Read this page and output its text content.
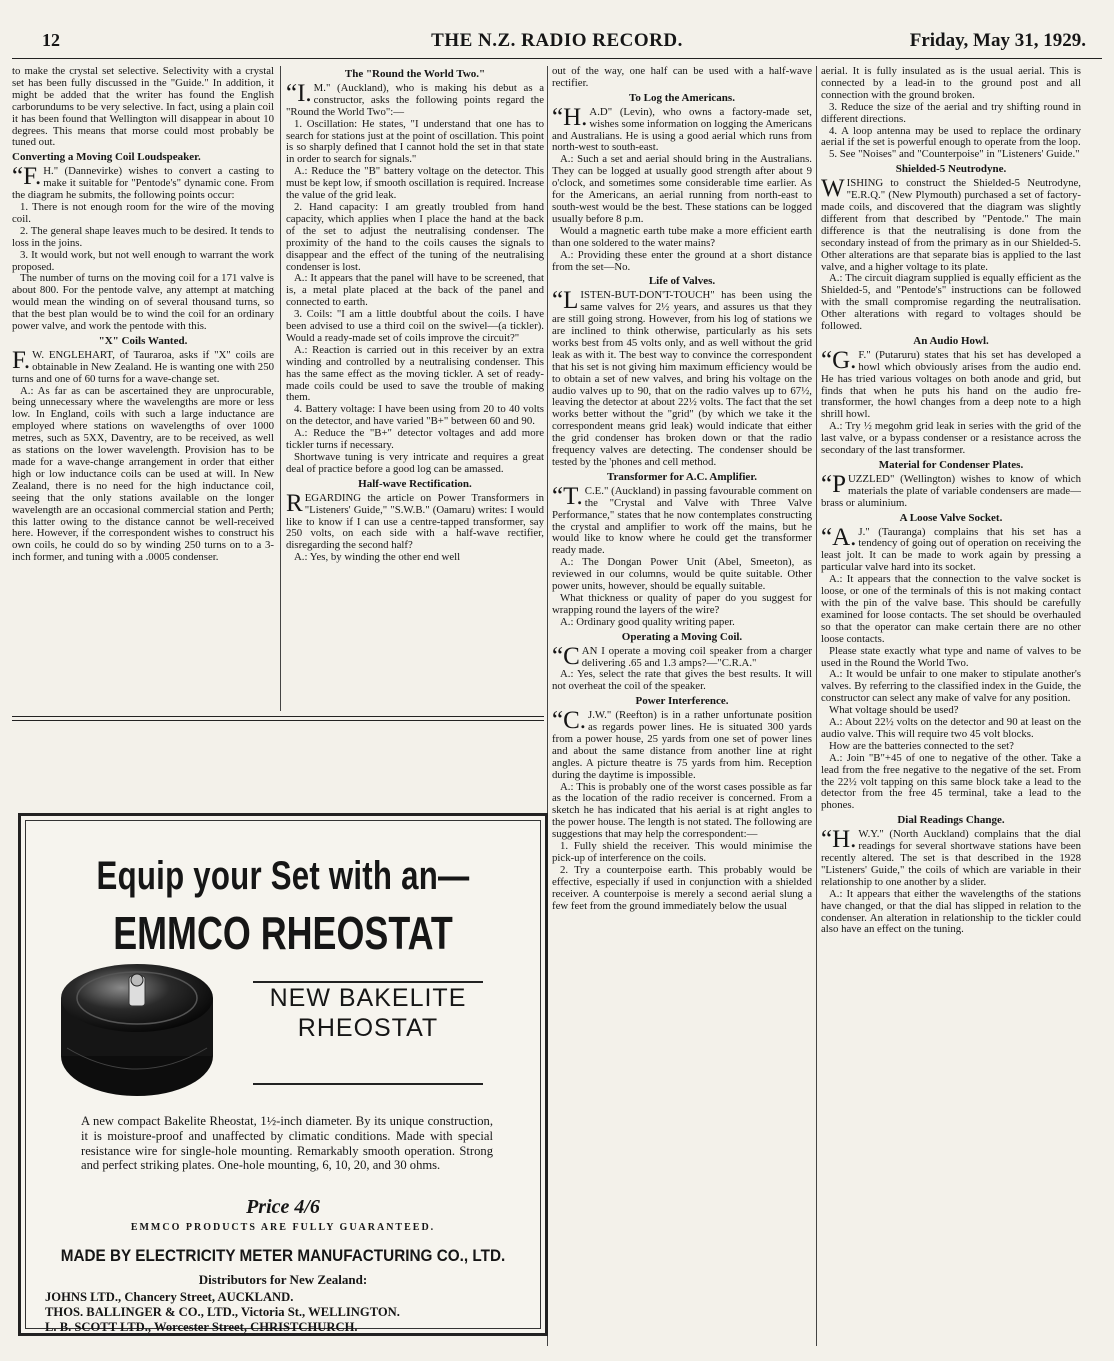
12	THE N.Z. RADIO RECORD.	Friday, May 31, 1929.

to make the crystal set selective. Selectivity with a crystal set has been fully discussed in the "Guide." In addition, it might be added that the writer has found the English carborundums to be very selective. In fact, using a plain coil it has been found that Wellington will disappear in about 10 degrees. This means that morse could most probably be tuned out.

Converting a Moving Coil Loudspeaker.

“F. H." (Dannevirke) wishes to convert a casting to make it suitable for "Pentode's" dynamic cone. From the diagram he submits, the following points occur:

1. There is not enough room for the wire of the moving coil.

2. The general shape leaves much to be desired. It tends to loss in the joins.

3. It would work, but not well enough to warrant the work proposed.

The number of turns on the moving coil for a 171 valve is about 800. For the pentode valve, any attempt at matching would mean the winding on of several thousand turns, so that the best plan would be to wind the coil for an ordinary power valve, and work the pentode with this.

"X" Coils Wanted.

F. W. ENGLEHART, of Tauraroa, asks if "X" coils are obtainable in New Zealand. He is wanting one with 250 turns and one of 60 turns for a wave-change set.

A.: As far as can be ascertained they are unprocurable, being unnecessary where the wavelengths are more or less low. In England, coils with such a large inductance are employed where stations on wavelengths of over 1000 metres, such as 5XX, Daventry, are to be received, as well as stations on the lower wavelength. Provision has to be made for a wave-change arrangement in order that either high or low inductance coils can be used at will. In New Zealand, there is no need for the high inductance coil, seeing that the only stations available on the longer wavelength are an occasional commercial station and Perth; this latter owing to the distance cannot be well-received here. However, if the correspondent wishes to construct his own coils, he could do so by winding 250 turns on to a 3-inch former, and tuning with a .0005 condenser.

The "Round the World Two."

“I. M." (Auckland), who is making his debut as a constructor, asks the following points regard the "Round the World Two":—

1. Oscillation: He states, "I understand that one has to search for stations just at the point of oscillation. This point is so sharply defined that I cannot hold the set in that state in order to search for signals."

A.: Reduce the "B" battery voltage on the detector. This must be kept low, if smooth oscillation is required. Increase the value of the grid leak.

2. Hand capacity: I am greatly troubled from hand capacity, which applies when I place the hand at the back of the set to adjust the neutralising condenser. The proximity of the hand to the coils causes the signals to disappear and the effect of the tuning of the neutralising condenser is lost.

A.: It appears that the panel will have to be screened, that is, a metal plate placed at the back of the panel and connected to earth.

3. Coils: "I am a little doubtful about the coils. I have been advised to use a third coil on the swivel—(a tickler). Would a ready-made set of coils improve the circuit?"

A.: Reaction is carried out in this receiver by an extra winding and controlled by a neutralising condenser. This has the same effect as the moving tickler. A set of ready-made coils could be used to save the trouble of making them.

4. Battery voltage: I have been using from 20 to 40 volts on the detector, and have varied "B+" between 60 and 90.

A.: Reduce the "B+" detector voltages and add more tickler turns if necessary.

Shortwave tuning is very intricate and requires a great deal of practice before a good log can be amassed.

Half-wave Rectification.

REGARDING the article on Power Transformers in "Listeners' Guide," "S.W.B." (Oamaru) writes: I would like to know if I can use a centre-tapped transformer, say 250 volts, on each side with a half-wave rectifier, disregarding the second half?

A.: Yes, by winding the other end well

out of the way, one half can be used with a half-wave rectifier.

To Log the Americans.

“H. A.D" (Levin), who owns a factory-made set, wishes some information on logging the Americans and Australians. He is using a good aerial which runs from north-west to south-east.

A.: Such a set and aerial should bring in the Australians. They can be logged at usually good strength after about 9 o'clock, and sometimes some considerable time earlier. As for the Americans, an aerial running from north-east to south-west would be the best. These stations can be logged usually before 8 p.m.

Would a magnetic earth tube make a more efficient earth than one soldered to the water mains?

A.: Providing these enter the ground at a short distance from the set—No.

Life of Valves.

“LISTEN-BUT-DON'T-TOUCH" has been using the same valves for 2½ years, and assures us that they are still going strong. However, from his log of stations we are inclined to think otherwise, particularly as his sets works best from 45 volts only, and as well without the grid leak as with it. The best way to convince the correspondent that his set is not giving him maximum efficiency would be to obtain a set of new valves, and bring his voltage on the audio valves up to 90, that on the radio valves up to 67½, leaving the detector at about 22½ volts. The fact that the set works better without the "grid" (by which we take it the correspondent means grid leak) would indicate that either the grid condenser has broken down or that the radio frequency valves are detecting. The condenser should be tested by the 'phones and cell method.

Transformer for A.C. Amplifier.

“T. C.E." (Auckland) in passing favourable comment on the "Crystal and Valve with Three Valve Performance," states that he now contemplates constructing the crystal and amplifier to work off the mains, but he would like to know where he could get the transformer ready made.

A.: The Dongan Power Unit (Abel, Smeeton), as reviewed in our columns, would be quite suitable. Other power units, however, should be equally suitable.

What thickness or quality of paper do you suggest for wrapping round the layers of the wire?

A.: Ordinary good quality writing paper.

Operating a Moving Coil.

“CAN I operate a moving coil speaker from a charger delivering .65 and 1.3 amps?—"C.R.A."

A.: Yes, select the rate that gives the best results. It will not overheat the coil of the speaker.

Power Interference.

“C. J.W." (Reefton) is in a rather unfortunate position as regards power lines. He is situated 300 yards from a power house, 25 yards from one set of power lines and about the same distance from another line at right angles. A picture theatre is 75 yards from him. Reception during the daytime is impossible.

A.: This is probably one of the worst cases possible as far as the location of the radio receiver is concerned. From a sketch he has indicated that his aerial is at right angles to the power house. The length is not stated. The following are suggestions that may help the correspondent:—

1. Fully shield the receiver. This would minimise the pick-up of interference on the coils.

2. Try a counterpoise earth. This probably would be effective, especially if used in conjunction with a shielded receiver. A counterpoise is merely a second aerial slung a few feet from the ground immediately below the usual

aerial. It is fully insulated as is the usual aerial. This is connected by a lead-in to the ground post and all connection with the ground broken.

3. Reduce the size of the aerial and try shifting round in different directions.

4. A loop antenna may be used to replace the ordinary aerial if the set is powerful enough to operate from the loop.

5. See "Noises" and "Counterpoise" in "Listeners' Guide."

Shielded-5 Neutrodyne.

WISHING to construct the Shielded-5 Neutrodyne, "E.R.Q." (New Plymouth) purchased a set of factory-made coils, and discovered that the diagram was slightly different from that described by "Pentode." The main difference is that the neutralising is done from the secondary instead of from the primary as in our Shielded-5. Other alterations are that separate bias is applied to the last valve, and a higher voltage to its plate.

A.: The circuit diagram supplied is equally efficient as the Shielded-5, and "Pentode's" instructions can be followed with the small compromise regarding the neutralisation. Other alterations with regard to voltages should be followed.

An Audio Howl.

“G. F." (Putaruru) states that his set has developed a howl which obviously arises from the audio end. He has tried various voltages on both anode and grid, but finds that when he puts his hand on the audio fre-transformer, the howl changes from a deep note to a high shrill howl.

A.: Try ½ megohm grid leak in series with the grid of the last valve, or a bypass condenser or a resistance across the secondary of the last transformer.

Material for Condenser Plates.

“PUZZLED" (Wellington) wishes to know of which materials the plate of variable condensers are made—brass or aluminium.

A Loose Valve Socket.

“A. J." (Tauranga) complains that his set has a tendency of going out of operation on receiving the least jolt. It can be made to work again by pressing a particular valve hard into its socket.

A.: It appears that the connection to the valve socket is loose, or one of the terminals of this is not making contact with the pin of the valve base. This should be carefully examined for loose contacts. The set should be overhauled so that the operator can make certain there are no other loose contacts.

Please state exactly what type and name of valves to be used in the Round the World Two.

A.: It would be unfair to one maker to stipulate another's valves. By referring to the classified index in the Guide, the constructor can select any make of valve for any position.

What voltage should be used?

A.: About 22½ volts on the detector and 90 at least on the audio valve. This will require two 45 volt blocks.

How are the batteries connected to the set?

A.: Join "B"+45 of one to negative of the other. Take a lead from the free negative to the negative of the set. From the 22½ volt tapping on this same block take a lead to the detector from the free 45 terminal, take a lead to the phones.

Dial Readings Change.

“H. W.Y." (North Auckland) complains that the dial readings for several shortwave stations have been recently altered. The set is that described in the 1928 "Listeners' Guide," the coils of which are variable in their relationship to one another by a slider.

A.: It appears that either the wavelengths of the stations have changed, or that the dial has slipped in relation to the condenser. An alteration in relationship to the tickler could also have an effect on the tuning.

Equip your Set with an—
EMMCO RHEOSTAT
NEW BAKELITE
RHEOSTAT
A new compact Bakelite Rheostat, 1½-inch diameter. By its unique construction, it is moisture-proof and unaffected by climatic conditions. Made with special resistance wire for single-hole mounting. Remarkably smooth operation. Strong and perfect striking plates. One-hole mounting, 6, 10, 20, and 30 ohms.
Price 4/6
EMMCO PRODUCTS ARE FULLY GUARANTEED.
MADE BY ELECTRICITY METER MANUFACTURING CO., LTD.
Distributors for New Zealand:
JOHNS LTD., Chancery Street, AUCKLAND.
THOS. BALLINGER & CO., LTD., Victoria St., WELLINGTON.
L. B. SCOTT LTD., Worcester Street, CHRISTCHURCH.
